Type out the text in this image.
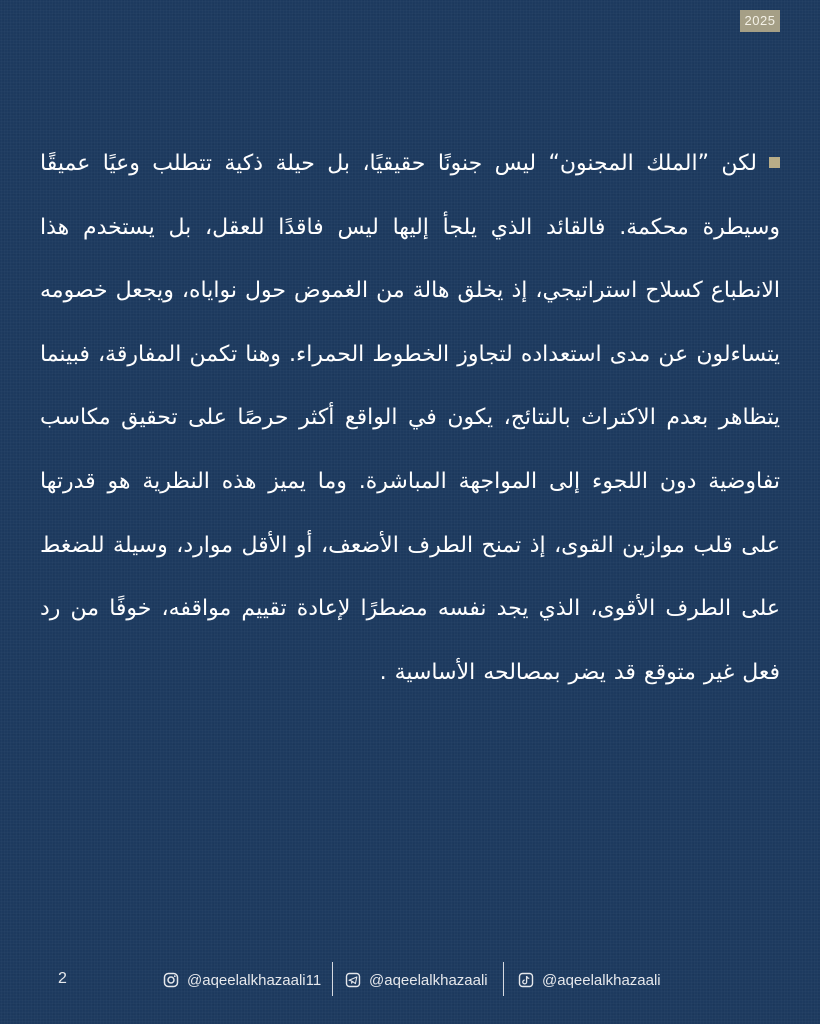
2025
لكن ”الملك المجنون“ ليس جنونًا حقيقيًا، بل حيلة ذكية تتطلب وعيًا عميقًا وسيطرة محكمة. فالقائد الذي يلجأ إليها ليس فاقدًا للعقل، بل يستخدم هذا الانطباع كسلاح استراتيجي، إذ يخلق هالة من الغموض حول نواياه، ويجعل خصومه يتساءلون عن مدى استعداده لتجاوز الخطوط الحمراء. وهنا تكمن المفارقة، فبينما يتظاهر بعدم الاكتراث بالنتائج، يكون في الواقع أكثر حرصًا على تحقيق مكاسب تفاوضية دون اللجوء إلى المواجهة المباشرة. وما يميز هذه النظرية هو قدرتها على قلب موازين القوى، إذ تمنح الطرف الأضعف، أو الأقل موارد، وسيلة للضغط على الطرف الأقوى، الذي يجد نفسه مضطرًا لإعادة تقييم مواقفه، خوفًا من رد فعل غير متوقع قد يضر بمصالحه الأساسية .
2	@aqeelalkhazaali11	@aqeelalkhazaali	@aqeelalkhazaali
